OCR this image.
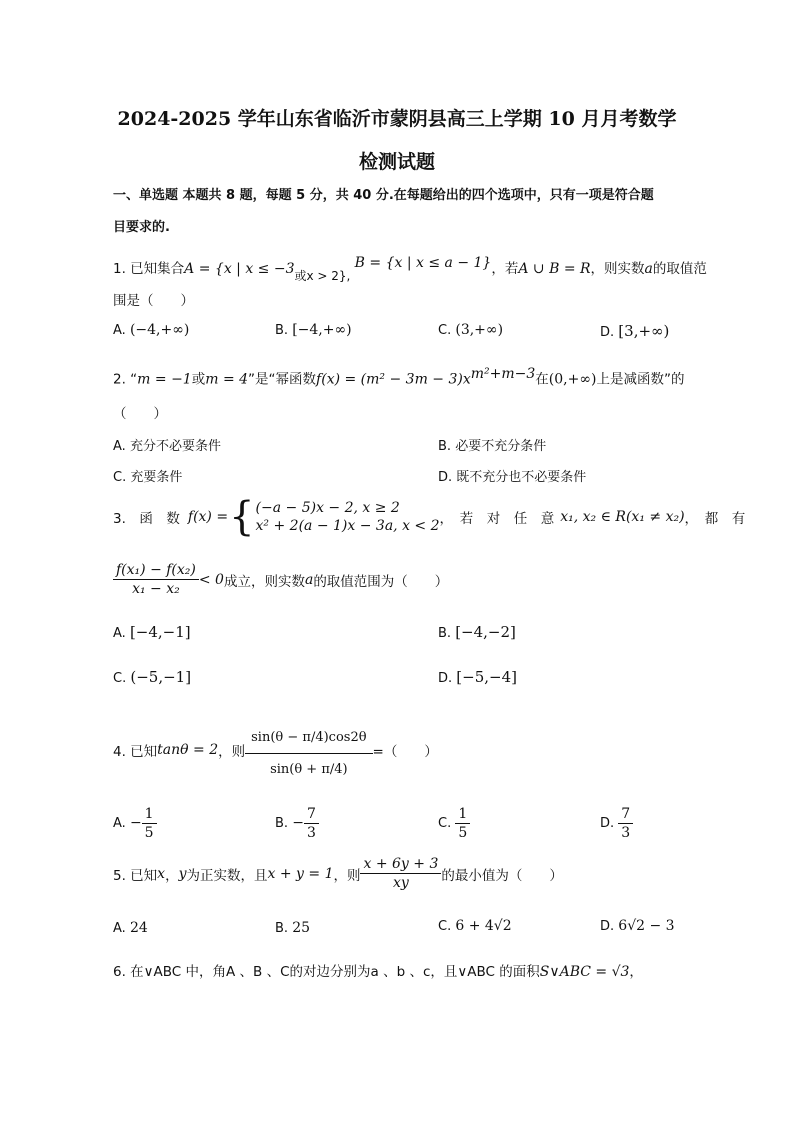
2024-2025 学年山东省临沂市蒙阴县高三上学期 10 月月考数学
检测试题
一、单选题 本题共 8 题，每题 5 分，共 40 分.在每题给出的四个选项中，只有一项是符合题
目要求的.
1. 已知集合A = {x | x ≤ −3或x > 2}, B = {x | x ≤ a − 1}，若A ∪ B = R，则实数a的取值范
围是（　　）
A. (−4,+∞)	B. [−4,+∞)	C. (3,+∞)	D. [3,+∞)
2. “m = −1或m = 4”是“幂函数$f(x) = (m^2 - 3m - 3)x^{m^2+m-3}$在(0,+∞)上是减函数”的
（　　）
A. 充分不必要条件	B. 必要不充分条件
C. 充要条件	D. 既不充分也不必要条件
3.　函　数 f(x) = { (−a − 5)x − 2, x ≥ 2
x² + 2(a − 1)x − 3a, x < 2 ，　若　对　任　意 x₁, x₂ ∈ R(x₁ ≠ x₂) ，　都　有
$\frac{\text{f(x₁) − f(x₂)}}{\text{x₁ − x₂}} < 0$ 成立，则实数 a 的取值范围为（　　）
A. [−4,−1]	B. [−4,−2]
C. (−5,−1]	D. [−5,−4]
4. 已知 tanθ = 2 ，则 $\frac{\sin(\theta - \pi/4)\cos 2\theta}{\sin(\theta + \pi/4)}$ =（　　）
A. − $\frac{1}{5}$	B. − $\frac{7}{3}$	C. $\frac{1}{5}$	D. $\frac{7}{3}$
5. 已知 x ， y 为正实数，且 x + y = 1 ，则 $\frac{x + 6y + 3}{xy}$ 的最小值为（　　）
A. 24	B. 25	C. 6 + 4√2	D. 6√2 − 3
6. 在∨ABC 中，角A 、B 、C的对边分别为a 、b 、c，且∨ABC 的面积S∨ABC = √3，
